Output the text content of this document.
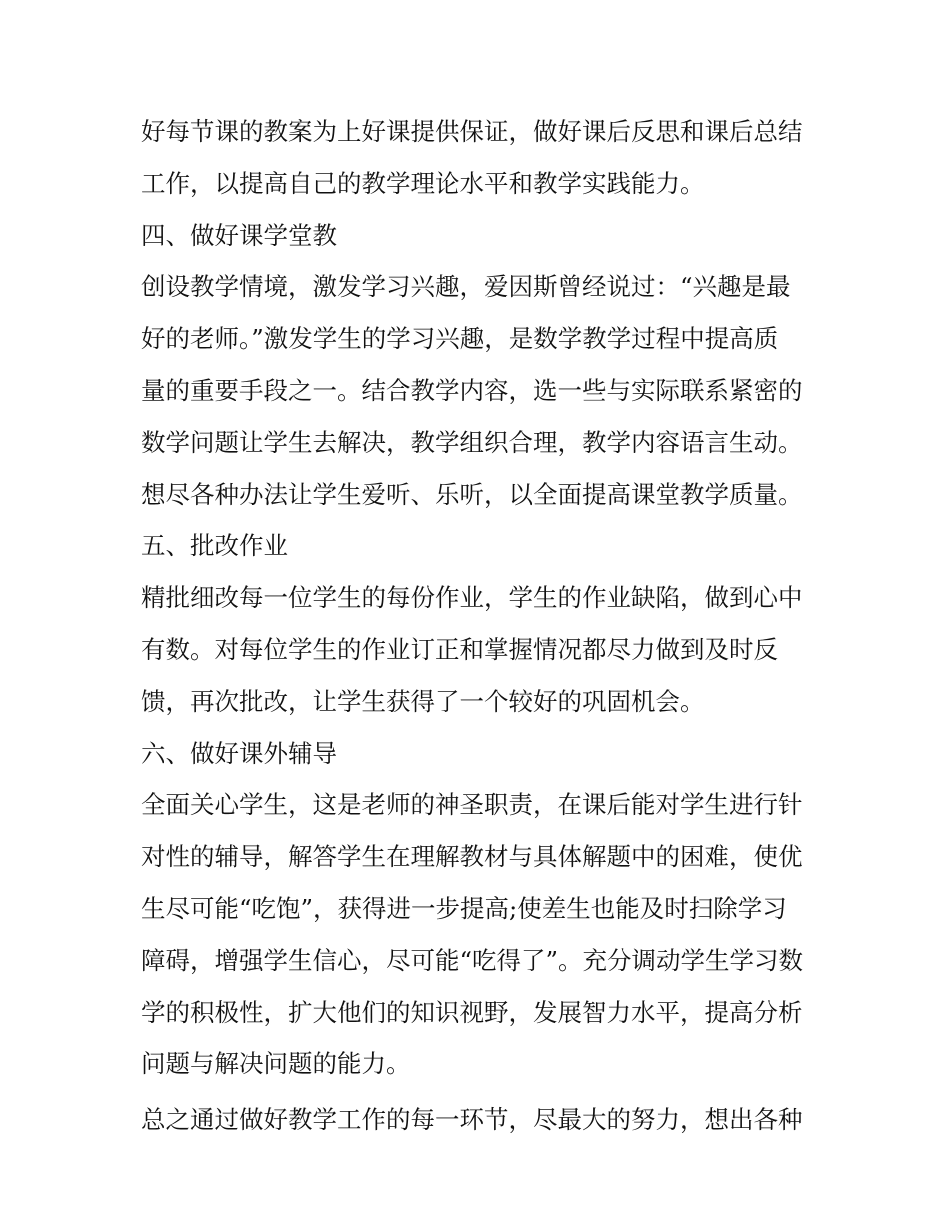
好每节课的教案为上好课提供保证，做好课后反思和课后总结
工作，以提高自己的教学理论水平和教学实践能力。
四、做好课学堂教
创设教学情境，激发学习兴趣，爱因斯曾经说过：“兴趣是最
好的老师。”激发学生的学习兴趣，是数学教学过程中提高质
量的重要手段之一。结合教学内容，选一些与实际联系紧密的
数学问题让学生去解决，教学组织合理，教学内容语言生动。
想尽各种办法让学生爱听、乐听，以全面提高课堂教学质量。
五、批改作业
精批细改每一位学生的每份作业，学生的作业缺陷，做到心中
有数。对每位学生的作业订正和掌握情况都尽力做到及时反
馈，再次批改，让学生获得了一个较好的巩固机会。
六、做好课外辅导
全面关心学生，这是老师的神圣职责，在课后能对学生进行针
对性的辅导，解答学生在理解教材与具体解题中的困难，使优
生尽可能“吃饱”，获得进一步提高;使差生也能及时扫除学习
障碍，增强学生信心，尽可能“吃得了”。充分调动学生学习数
学的积极性，扩大他们的知识视野，发展智力水平，提高分析
问题与解决问题的能力。
总之通过做好教学工作的每一环节，尽最大的努力，想出各种
